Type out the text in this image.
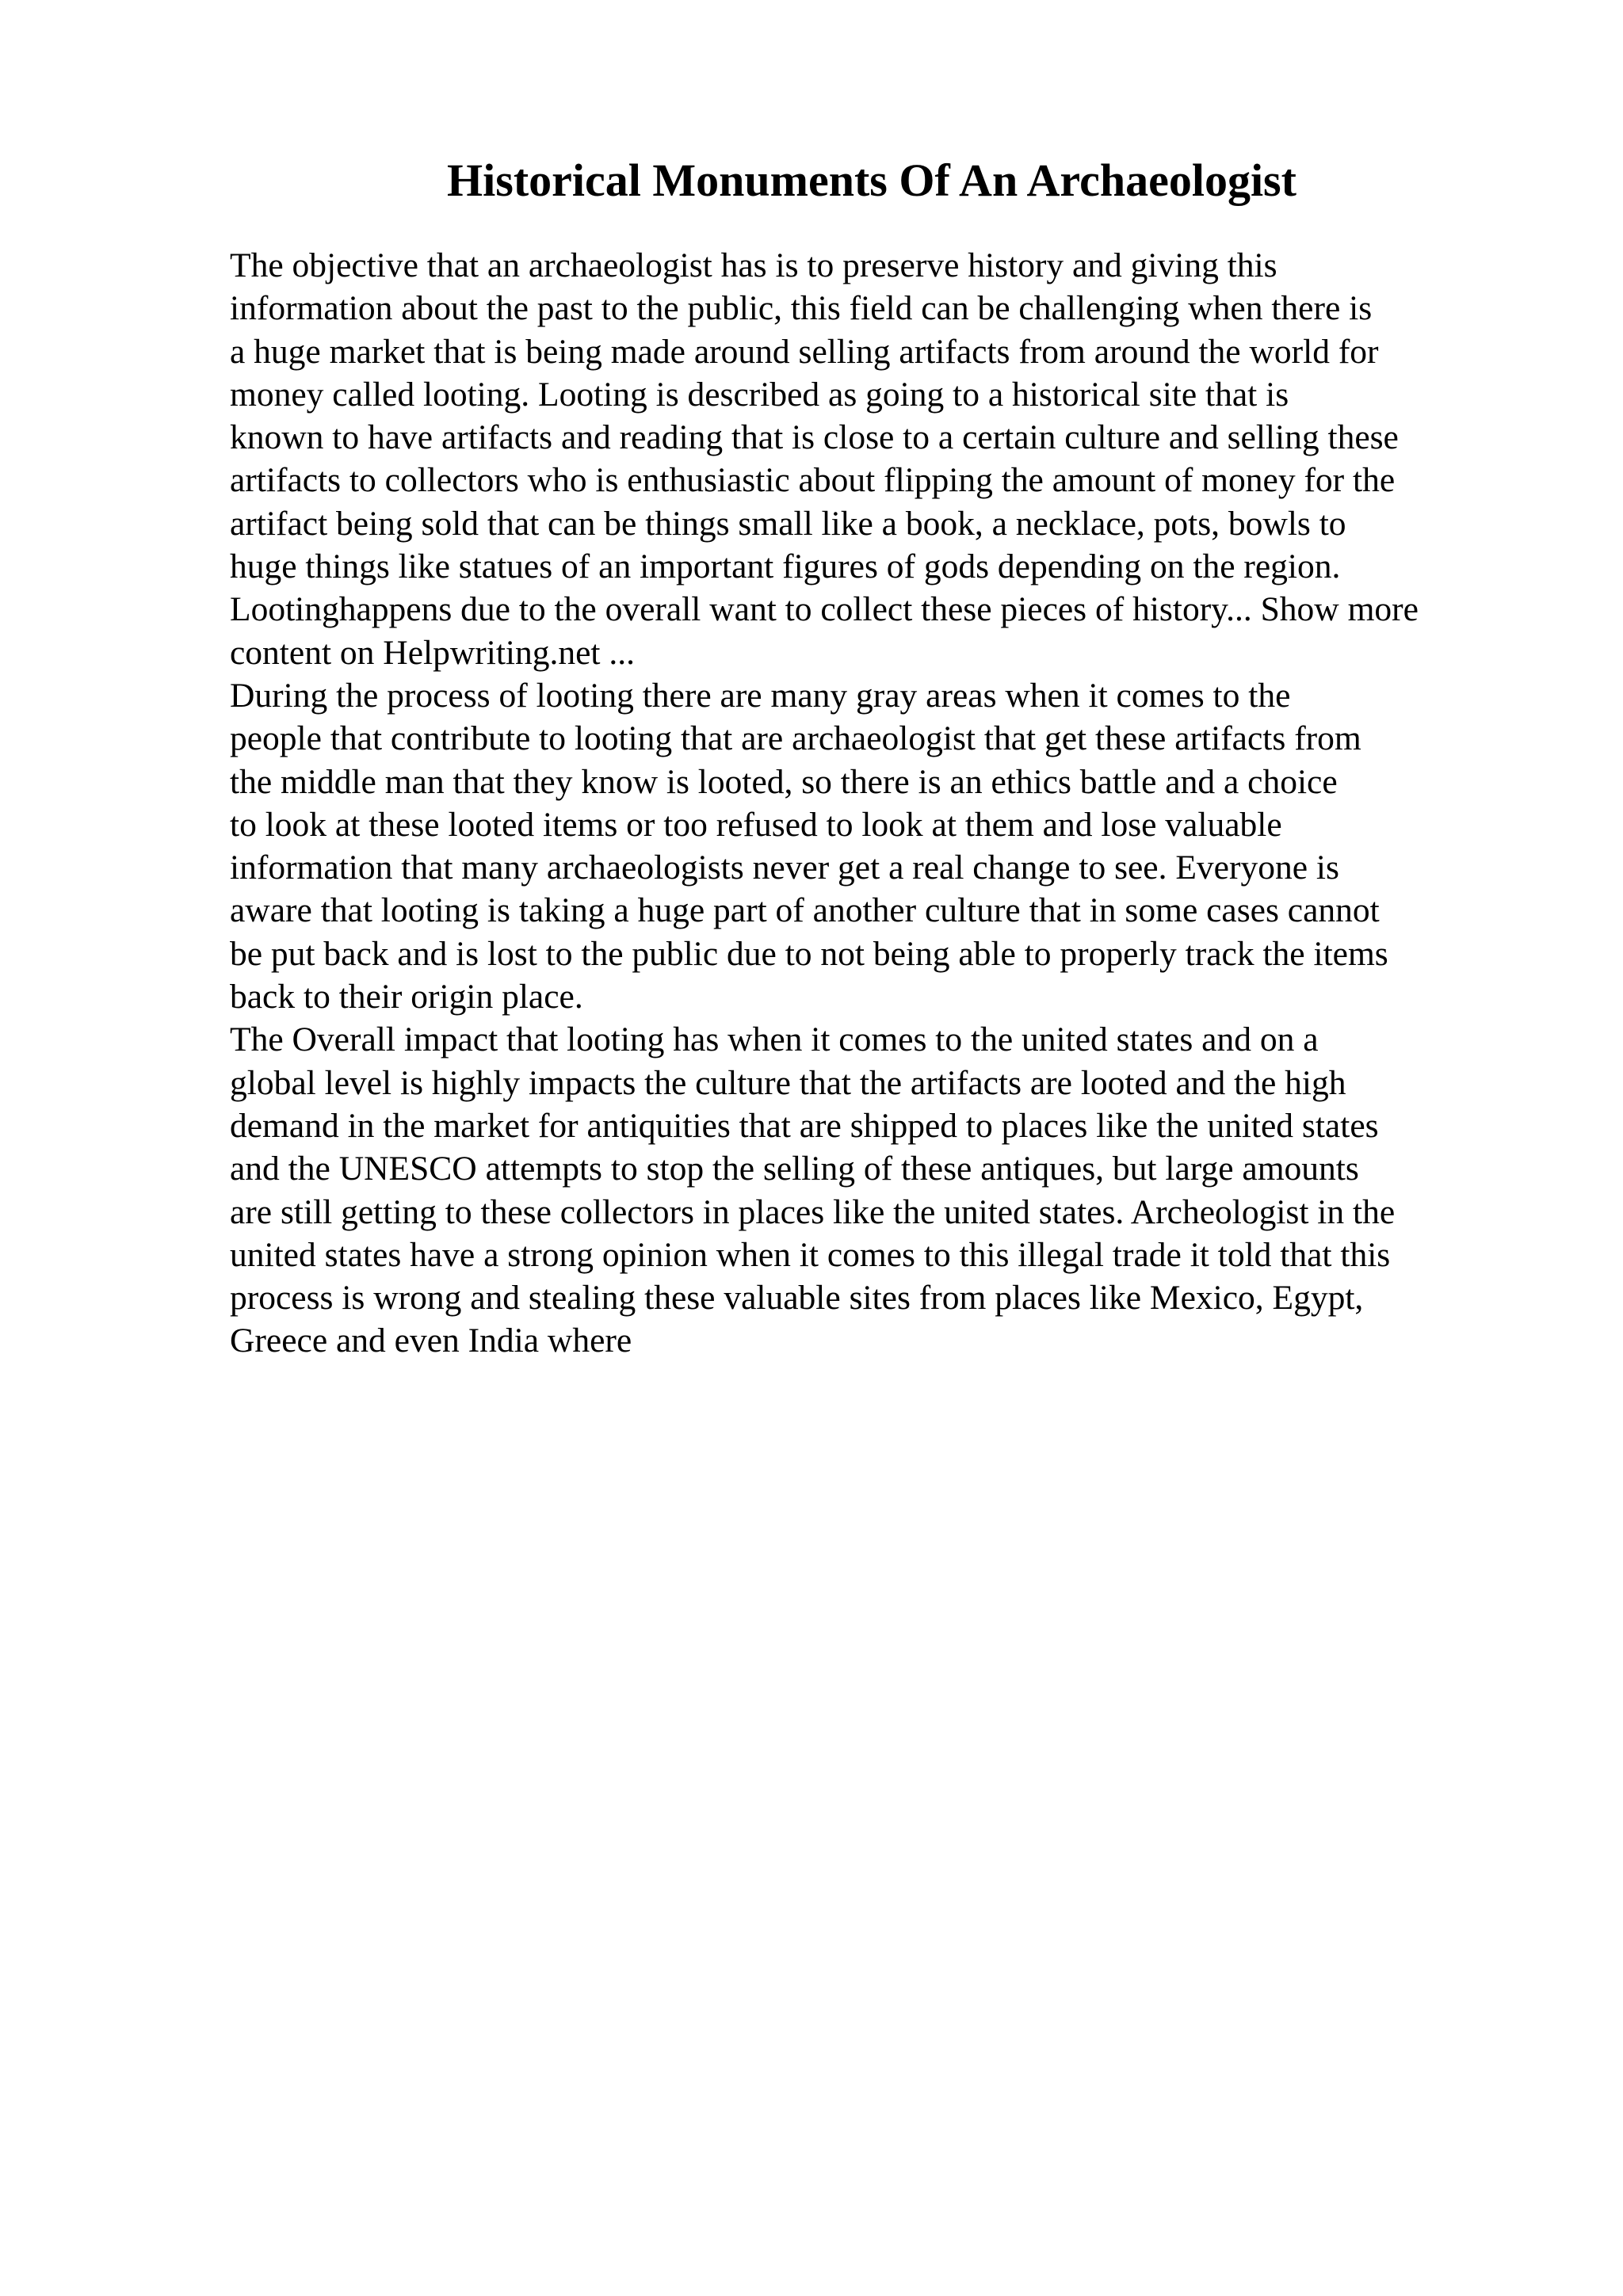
Historical Monuments Of An Archaeologist
The objective that an archaeologist has is to preserve history and giving this
information about the past to the public, this field can be challenging when there is
a huge market that is being made around selling artifacts from around the world for
money called looting. Looting is described as going to a historical site that is
known to have artifacts and reading that is close to a certain culture and selling these
artifacts to collectors who is enthusiastic about flipping the amount of money for the
artifact being sold that can be things small like a book, a necklace, pots, bowls to
huge things like statues of an important figures of gods depending on the region.
Lootinghappens due to the overall want to collect these pieces of history... Show more
content on Helpwriting.net ...
During the process of looting there are many gray areas when it comes to the
people that contribute to looting that are archaeologist that get these artifacts from
the middle man that they know is looted, so there is an ethics battle and a choice
to look at these looted items or too refused to look at them and lose valuable
information that many archaeologists never get a real change to see. Everyone is
aware that looting is taking a huge part of another culture that in some cases cannot
be put back and is lost to the public due to not being able to properly track the items
back to their origin place.
The Overall impact that looting has when it comes to the united states and on a
global level is highly impacts the culture that the artifacts are looted and the high
demand in the market for antiquities that are shipped to places like the united states
and the UNESCO attempts to stop the selling of these antiques, but large amounts
are still getting to these collectors in places like the united states. Archeologist in the
united states have a strong opinion when it comes to this illegal trade it told that this
process is wrong and stealing these valuable sites from places like Mexico, Egypt,
Greece and even India where
